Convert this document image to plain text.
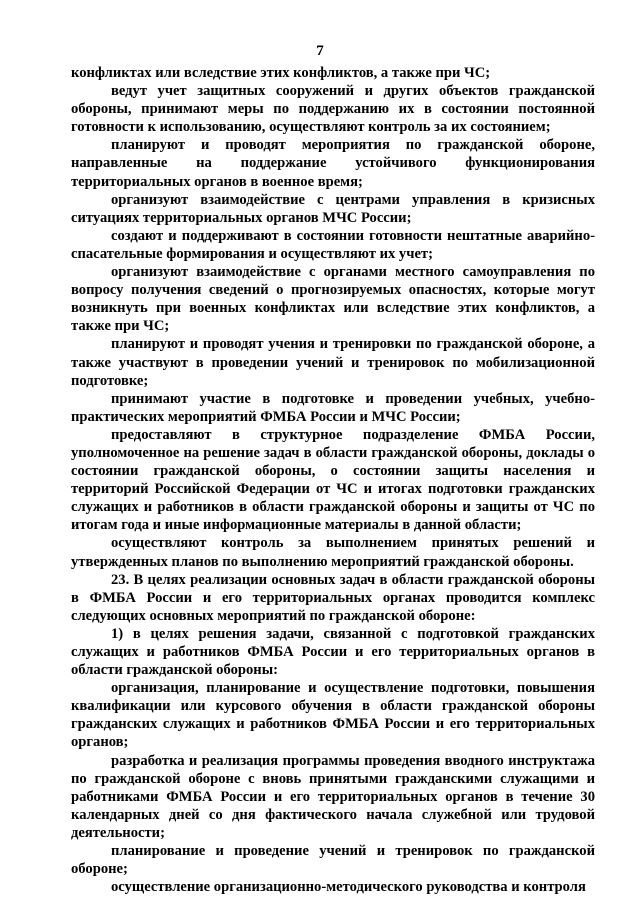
7

конфликтах или вследствие этих конфликтов, а также при ЧС;

ведут учет защитных сооружений и других объектов гражданской обороны, принимают меры по поддержанию их в состоянии постоянной готовности к использованию, осуществляют контроль за их состоянием;

планируют и проводят мероприятия по гражданской обороне, направленные на поддержание устойчивого функционирования территориальных органов в военное время;

организуют взаимодействие с центрами управления в кризисных ситуациях территориальных органов МЧС России;

создают и поддерживают в состоянии готовности нештатные аварийно-спасательные формирования и осуществляют их учет;

организуют взаимодействие с органами местного самоуправления по вопросу получения сведений о прогнозируемых опасностях, которые могут возникнуть при военных конфликтах или вследствие этих конфликтов, а также при ЧС;

планируют и проводят учения и тренировки по гражданской обороне, а также участвуют в проведении учений и тренировок по мобилизационной подготовке;

принимают участие в подготовке и проведении учебных, учебно-практических мероприятий ФМБА России и МЧС России;

предоставляют в структурное подразделение ФМБА России, уполномоченное на решение задач в области гражданской обороны, доклады о состоянии гражданской обороны, о состоянии защиты населения и территорий Российской Федерации от ЧС и итогах подготовки гражданских служащих и работников в области гражданской обороны и защиты от ЧС по итогам года и иные информационные материалы в данной области;

осуществляют контроль за выполнением принятых решений и утвержденных планов по выполнению мероприятий гражданской обороны.

23. В целях реализации основных задач в области гражданской обороны в ФМБА России и его территориальных органах проводится комплекс следующих основных мероприятий по гражданской обороне:

1) в целях решения задачи, связанной с подготовкой гражданских служащих и работников ФМБА России и его территориальных органов в области гражданской обороны:

организация, планирование и осуществление подготовки, повышения квалификации или курсового обучения в области гражданской обороны гражданских служащих и работников ФМБА России и его территориальных органов;

разработка и реализация программы проведения вводного инструктажа по гражданской обороне с вновь принятыми гражданскими служащими и работниками ФМБА России и его территориальных органов в течение 30 календарных дней со дня фактического начала служебной или трудовой деятельности;

планирование и проведение учений и тренировок по гражданской обороне;

осуществление организационно-методического руководства и контроля
